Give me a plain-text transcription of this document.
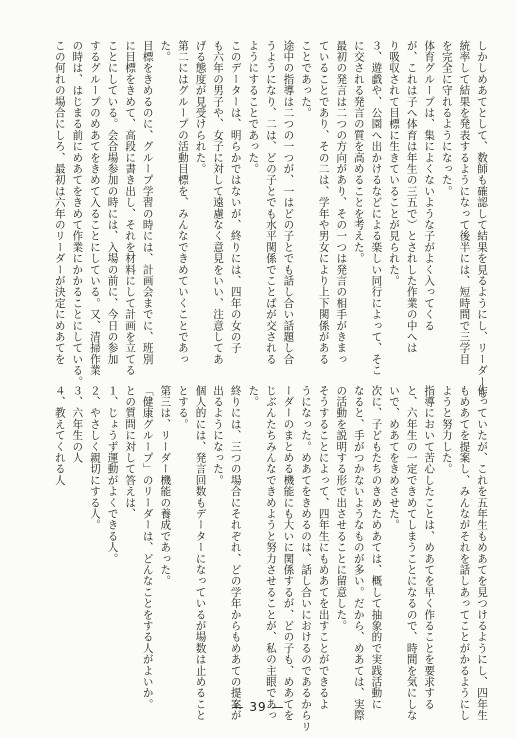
しかしめあてとして、数師も確認して結果を見るようにし、リーダーも

統率して結果を発表するようになって後半には、短時間で三学目

を完全に守れるようになった。

体育グループは、集によくないような子がよく入ってくる

が、これは子へ体育は年生の三五で）とされした作業の中へは

り吸収されて目標に生きていることが見られた。

３、遊戯や、公園へ出かけるなどによる楽しい同行によって、そこ

に交される発言の質を高めることを考えた。

最初の発言は二つの方向があり、その一つは発言の相手がきまっ

ていることであり、その二は、学年や男女により上下関係がある

ことであった。

途中の指導は二つの一つが、一はどの子とでも話し合い話題し合

うようになり、二は、どの子とでも水平関係でことばが交される

ようにすることであった。

このデーターは、明らかではないが、終りには、四年の女の子

も六年の男子や、女子に対して遠慮なく意見をいい、注意してあ

げる態度が見受けられた。

第二にはグループの活動目標を、みんなできめていくことであっ

た。

目標をきめるのに、グループ学習の時には、計画会までに、班別

に目標をきめて、高段に書き出し、それを材料にして計画を立てる

ことにしている。会合場参加の時には、入場の前に、今日の参加

するグループのめあてをきめて入ることにしている。又、清掃作業

の時は、はじまる前にめあてをきめて作業にかかることにしている。

この何れの場合にしろ、最初は六年のリーダーが決定にめあてを

作っていたが、これを五年生もめあてを見つけるようにし、四年生

もめあてを提案し、みんながそれを話しあってことがかるようにし

ようと努力した。

指導において苦心したことは、めあてを早く作ることを要求する

と、六年生の一定できめてしまうことになるので、時間を気にしな

いで、めあてをきめさせた。

次に、子どもたちのきめためあては、概して抽象的で実践活動に

なると、手がつかないようなものが多い。だから、めあては、実際

の活動を説明する形で出させることに留意した。

そうすることによって、四年生にもめあてを出すことができるよ

うになった。めあてをきめるのは、話し合いにおけるのであるからリ

ーダーのまとめる機能にも大いに関係するが、どの子も、めあてを

じぶんたちみんなできめようと努力させることが、私の主眼であっ

た。

終りには、三つの場合にそれぞれ、どの学年からもめあての提案が

出るようになった。

個人的には、発言回数もデーターになっているが場数は止めること

とする。

第三は、リーダー機能の養成であった。

「健康グループ」のリーダーは、どんなことをする人がよいか。

との質問に対して答えは、

１、じょうず運動がよくできる人。

２、やさしく親切にする人。

３、六年生の人

４、教えてくれる人

— 39 —
